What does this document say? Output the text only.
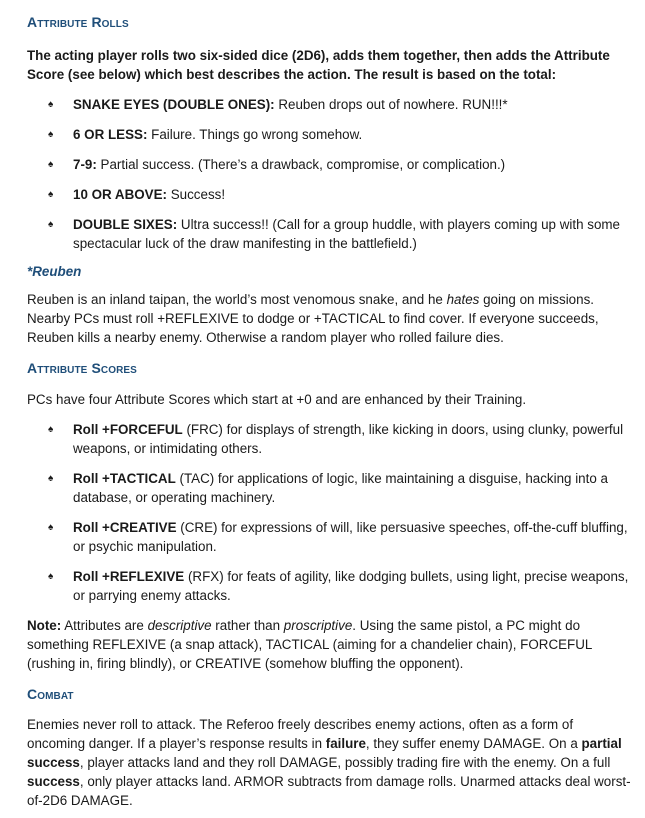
Attribute Rolls

The acting player rolls two six-sided dice (2D6), adds them together, then adds the Attribute Score (see below) which best describes the action. The result is based on the total:

♠ SNAKE EYES (DOUBLE ONES): Reuben drops out of nowhere. RUN!!!*
♠ 6 OR LESS: Failure. Things go wrong somehow.
♠ 7-9: Partial success. (There’s a drawback, compromise, or complication.)
♠ 10 OR ABOVE: Success!
♠ DOUBLE SIXES: Ultra success!! (Call for a group huddle, with players coming up with some spectacular luck of the draw manifesting in the battlefield.)

*Reuben

Reuben is an inland taipan, the world’s most venomous snake, and he hates going on missions. Nearby PCs must roll +REFLEXIVE to dodge or +TACTICAL to find cover. If everyone succeeds, Reuben kills a nearby enemy. Otherwise a random player who rolled failure dies.

Attribute Scores

PCs have four Attribute Scores which start at +0 and are enhanced by their Training.

♠ Roll +FORCEFUL (FRC) for displays of strength, like kicking in doors, using clunky, powerful weapons, or intimidating others.
♠ Roll +TACTICAL (TAC) for applications of logic, like maintaining a disguise, hacking into a database, or operating machinery.
♠ Roll +CREATIVE (CRE) for expressions of will, like persuasive speeches, off-the-cuff bluffing, or psychic manipulation.
♠ Roll +REFLEXIVE (RFX) for feats of agility, like dodging bullets, using light, precise weapons, or parrying enemy attacks.

Note: Attributes are descriptive rather than proscriptive. Using the same pistol, a PC might do something REFLEXIVE (a snap attack), TACTICAL (aiming for a chandelier chain), FORCEFUL (rushing in, firing blindly), or CREATIVE (somehow bluffing the opponent).

Combat

Enemies never roll to attack. The Referoo freely describes enemy actions, often as a form of oncoming danger. If a player’s response results in failure, they suffer enemy DAMAGE. On a partial success, player attacks land and they roll DAMAGE, possibly trading fire with the enemy. On a full success, only player attacks land. ARMOR subtracts from damage rolls. Unarmed attacks deal worst-of-2D6 DAMAGE.
